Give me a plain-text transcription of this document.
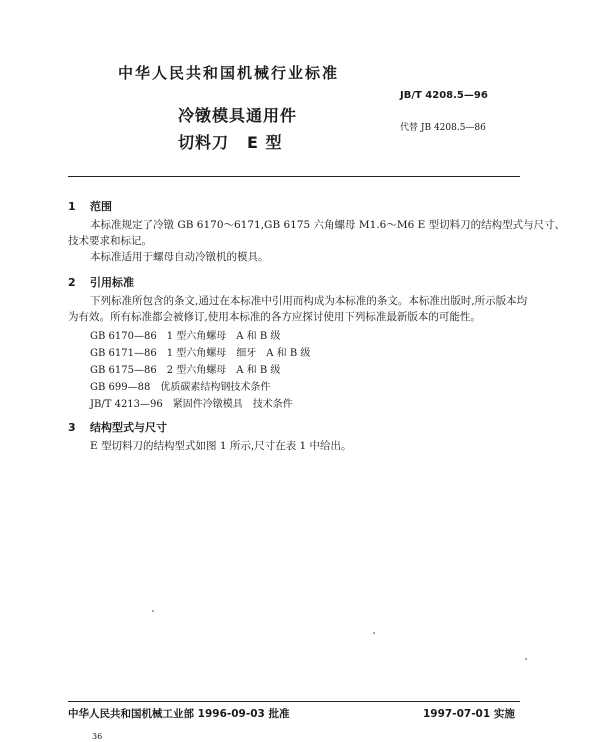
中华人民共和国机械行业标准
JB/T 4208.5—96
冷镦模具通用件
代替 JB 4208.5—86
切料刀 E 型
1 范围
本标准规定了冷镦 GB 6170～6171,GB 6175 六角螺母 M1.6～M6 E 型切料刀的结构型式与尺寸、
技术要求和标记。
本标准适用于螺母自动冷镦机的模具。
2 引用标准
下列标准所包含的条文,通过在本标准中引用而构成为本标准的条文。本标准出版时,所示版本均
为有效。所有标准都会被修订,使用本标准的各方应探讨使用下列标准最新版本的可能性。
GB 6170—86　 1 型六角螺母　A 和 B 级
GB 6171—86　 1 型六角螺母　细牙　A 和 B 级
GB 6175—86　 2 型六角螺母　A 和 B 级
GB 699—88　 优质碳素结构钢技术条件
JB/T 4213—96　 紧固件冷镦模具　技术条件
3 结构型式与尺寸
E 型切料刀的结构型式如图 1 所示,尺寸在表 1 中给出。
中华人民共和国机械工业部 1996-09-03 批准	1997-07-01 实施
36
